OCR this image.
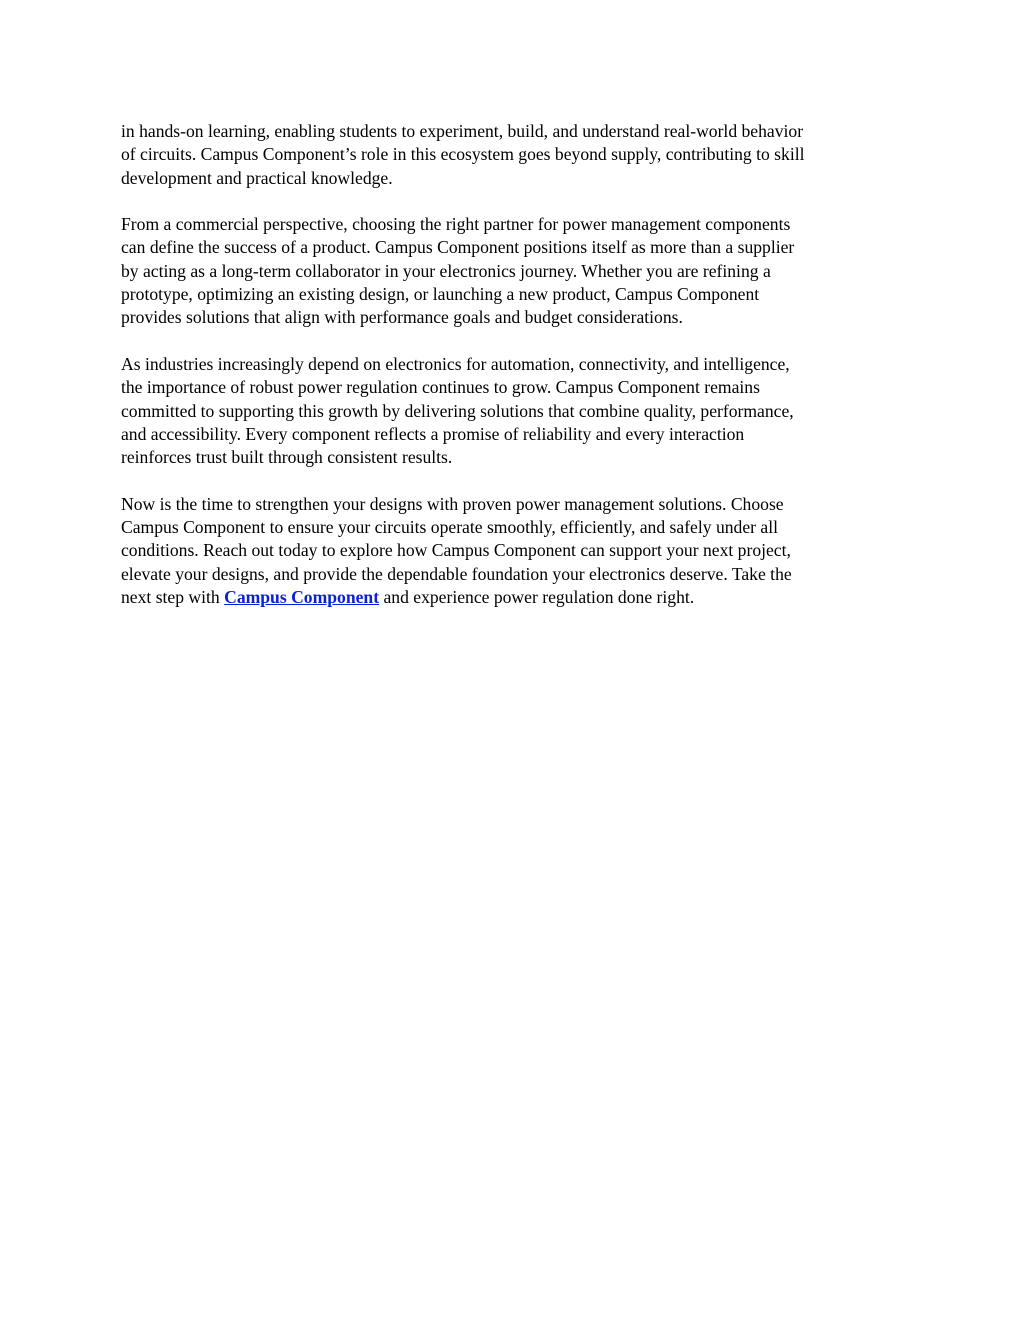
in hands-on learning, enabling students to experiment, build, and understand real-world behavior
of circuits. Campus Component’s role in this ecosystem goes beyond supply, contributing to skill
development and practical knowledge.

From a commercial perspective, choosing the right partner for power management components
can define the success of a product. Campus Component positions itself as more than a supplier
by acting as a long-term collaborator in your electronics journey. Whether you are refining a
prototype, optimizing an existing design, or launching a new product, Campus Component
provides solutions that align with performance goals and budget considerations.

As industries increasingly depend on electronics for automation, connectivity, and intelligence,
the importance of robust power regulation continues to grow. Campus Component remains
committed to supporting this growth by delivering solutions that combine quality, performance,
and accessibility. Every component reflects a promise of reliability and every interaction
reinforces trust built through consistent results.

Now is the time to strengthen your designs with proven power management solutions. Choose
Campus Component to ensure your circuits operate smoothly, efficiently, and safely under all
conditions. Reach out today to explore how Campus Component can support your next project,
elevate your designs, and provide the dependable foundation your electronics deserve. Take the
next step with Campus Component and experience power regulation done right.
